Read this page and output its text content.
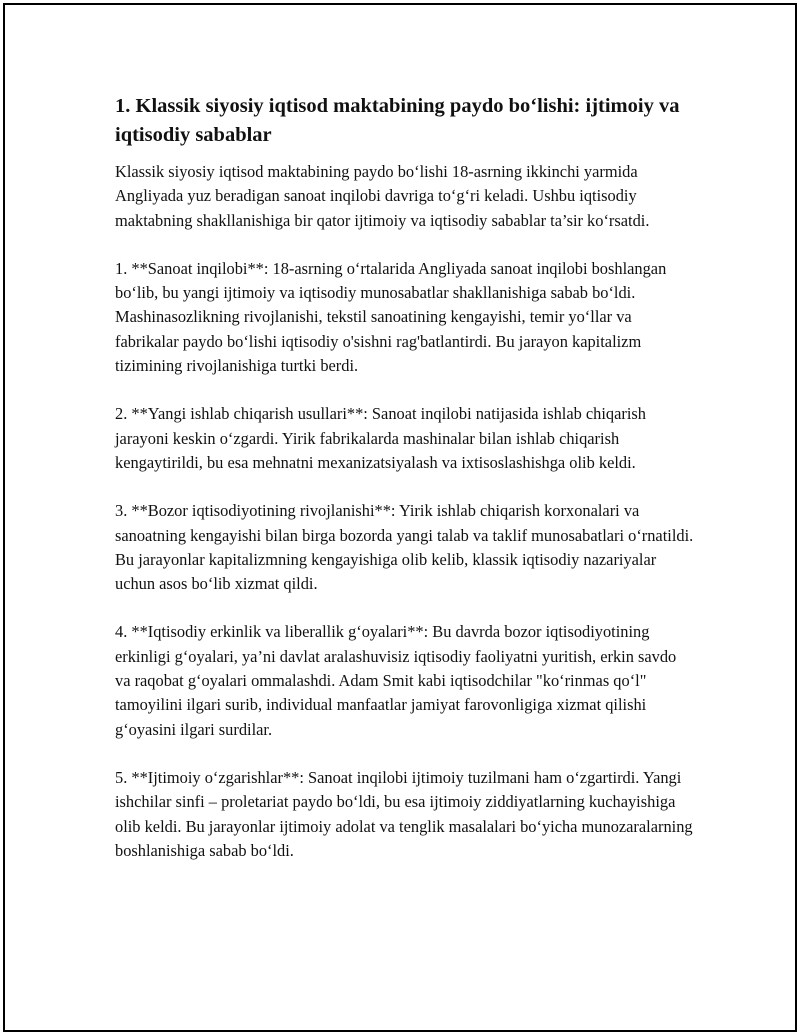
1. Klassik siyosiy iqtisod maktabining paydo bo‘lishi: ijtimoiy va iqtisodiy sabablar

Klassik siyosiy iqtisod maktabining paydo bo‘lishi 18-asrning ikkinchi yarmida Angliyada yuz beradigan sanoat inqilobi davriga to‘g‘ri keladi. Ushbu iqtisodiy maktabning shakllanishiga bir qator ijtimoiy va iqtisodiy sabablar ta’sir ko‘rsatdi.

1. **Sanoat inqilobi**: 18-asrning o‘rtalarida Angliyada sanoat inqilobi boshlangan bo‘lib, bu yangi ijtimoiy va iqtisodiy munosabatlar shakllanishiga sabab bo‘ldi. Mashinasozlikning rivojlanishi, tekstil sanoatining kengayishi, temir yo‘llar va fabrikalar paydo bo‘lishi iqtisodiy o'sishni rag'batlantirdi. Bu jarayon kapitalizm tizimining rivojlanishiga turtki berdi.

2. **Yangi ishlab chiqarish usullari**: Sanoat inqilobi natijasida ishlab chiqarish jarayoni keskin o‘zgardi. Yirik fabrikalarda mashinalar bilan ishlab chiqarish kengaytirildi, bu esa mehnatni mexanizatsiyalash va ixtisoslashishga olib keldi.

3. **Bozor iqtisodiyotining rivojlanishi**: Yirik ishlab chiqarish korxonalari va sanoatning kengayishi bilan birga bozorda yangi talab va taklif munosabatlari o‘rnatildi. Bu jarayonlar kapitalizmning kengayishiga olib kelib, klassik iqtisodiy nazariyalar uchun asos bo‘lib xizmat qildi.

4. **Iqtisodiy erkinlik va liberallik g‘oyalari**: Bu davrda bozor iqtisodiyotining erkinligi g‘oyalari, ya’ni davlat aralashuvisiz iqtisodiy faoliyatni yuritish, erkin savdo va raqobat g‘oyalari ommalashdi. Adam Smit kabi iqtisodchilar "ko‘rinmas qo‘l" tamoyilini ilgari surib, individual manfaatlar jamiyat farovonligiga xizmat qilishi g‘oyasini ilgari surdilar.

5. **Ijtimoiy o‘zgarishlar**: Sanoat inqilobi ijtimoiy tuzilmani ham o‘zgartirdi. Yangi ishchilar sinfi – proletariat paydo bo‘ldi, bu esa ijtimoiy ziddiyatlarning kuchayishiga olib keldi. Bu jarayonlar ijtimoiy adolat va tenglik masalalari bo‘yicha munozaralarning boshlanishiga sabab bo‘ldi.
